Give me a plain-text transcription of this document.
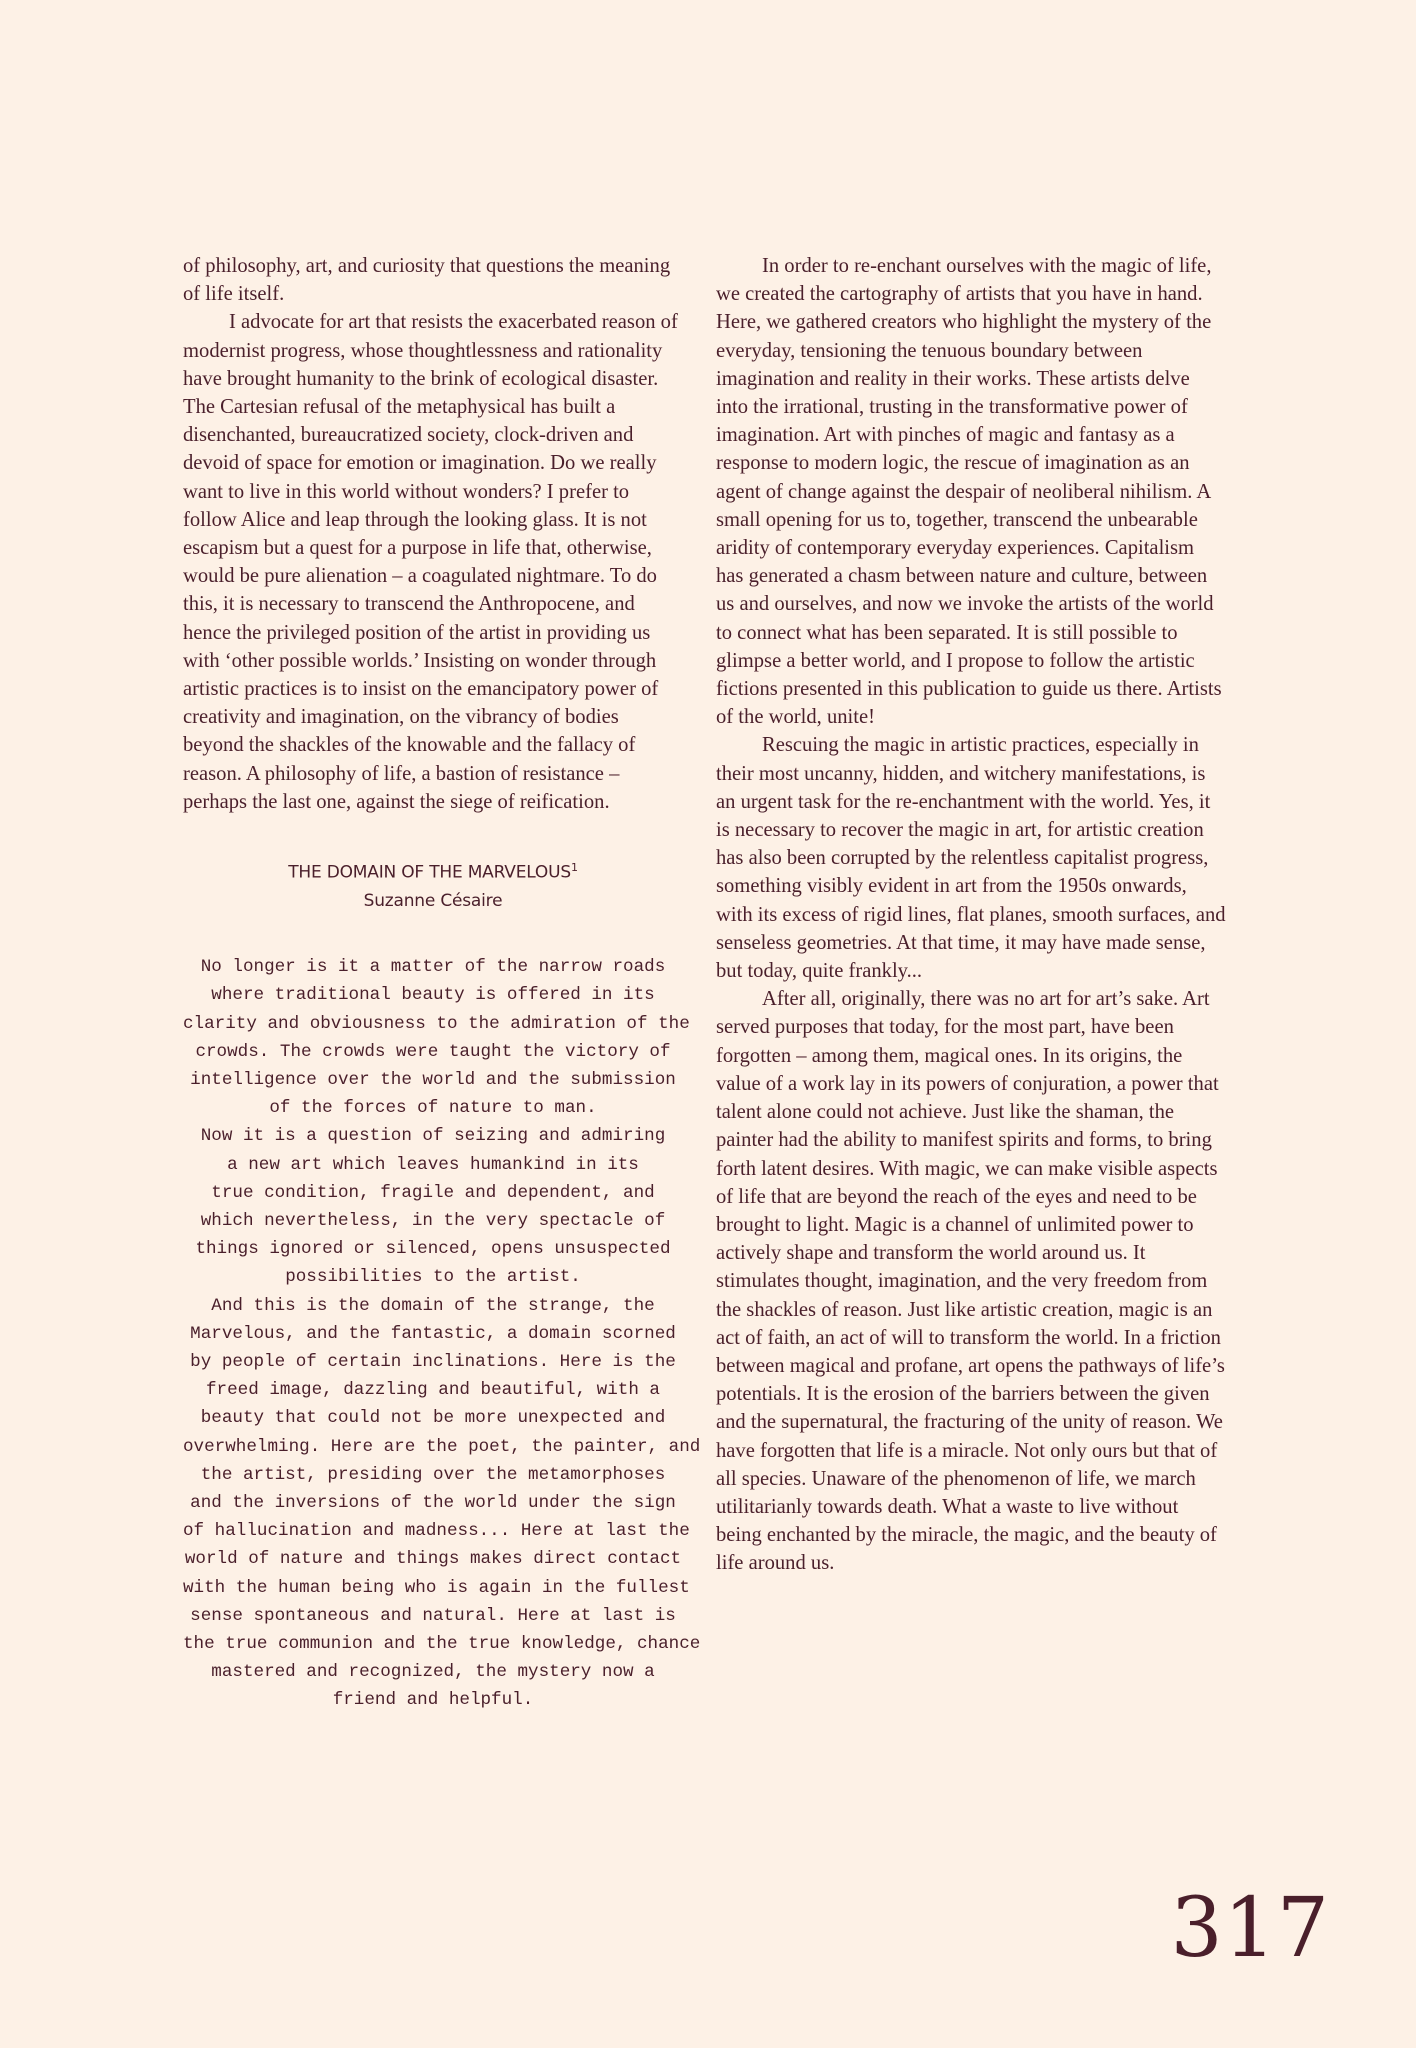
of philosophy, art, and curiosity that questions the meaning of life itself.

I advocate for art that resists the exacerbated reason of modernist progress, whose thoughtlessness and rationality have brought humanity to the brink of ecological disaster. The Cartesian refusal of the metaphysical has built a disenchanted, bureaucratized society, clock-driven and devoid of space for emotion or imagination. Do we really want to live in this world without wonders? I prefer to follow Alice and leap through the looking glass. It is not escapism but a quest for a purpose in life that, otherwise, would be pure alienation – a coagulated nightmare. To do this, it is necessary to transcend the Anthropocene, and hence the privileged position of the artist in providing us with ‘other possible worlds.’ Insisting on wonder through artistic practices is to insist on the emancipatory power of creativity and imagination, on the vibrancy of bodies beyond the shackles of the knowable and the fallacy of reason. A philosophy of life, a bastion of resistance – perhaps the last one, against the siege of reification.

THE DOMAIN OF THE MARVELOUS$^1$
Suzanne Césaire
No longer is it a matter of the narrow roads
where traditional beauty is offered in its
clarity and obviousness to the admiration of the
crowds. The crowds were taught the victory of
intelligence over the world and the submission
of the forces of nature to man.
Now it is a question of seizing and admiring
a new art which leaves humankind in its
true condition, fragile and dependent, and
which nevertheless, in the very spectacle of
things ignored or silenced, opens unsuspected
possibilities to the artist.
And this is the domain of the strange, the
Marvelous, and the fantastic, a domain scorned
by people of certain inclinations. Here is the
freed image, dazzling and beautiful, with a
beauty that could not be more unexpected and
overwhelming. Here are the poet, the painter, and
the artist, presiding over the metamorphoses
and the inversions of the world under the sign
of hallucination and madness... Here at last the
world of nature and things makes direct contact
with the human being who is again in the fullest
sense spontaneous and natural. Here at last is
the true communion and the true knowledge, chance
mastered and recognized, the mystery now a
friend and helpful.

In order to re-enchant ourselves with the magic of life, we created the cartography of artists that you have in hand. Here, we gathered creators who highlight the mystery of the everyday, tensioning the tenuous boundary between imagination and reality in their works. These artists delve into the irrational, trusting in the transformative power of imagination. Art with pinches of magic and fantasy as a response to modern logic, the rescue of imagination as an agent of change against the despair of neoliberal nihilism. A small opening for us to, together, transcend the unbearable aridity of contemporary everyday experiences. Capitalism has generated a chasm between nature and culture, between us and ourselves, and now we invoke the artists of the world to connect what has been separated. It is still possible to glimpse a better world, and I propose to follow the artistic fictions presented in this publication to guide us there. Artists of the world, unite!

Rescuing the magic in artistic practices, especially in their most uncanny, hidden, and witchery manifestations, is an urgent task for the re-enchantment with the world. Yes, it is necessary to recover the magic in art, for artistic creation has also been corrupted by the relentless capitalist progress, something visibly evident in art from the 1950s onwards, with its excess of rigid lines, flat planes, smooth surfaces, and senseless geometries. At that time, it may have made sense, but today, quite frankly...

After all, originally, there was no art for art’s sake. Art served purposes that today, for the most part, have been forgotten – among them, magical ones. In its origins, the value of a work lay in its powers of conjuration, a power that talent alone could not achieve. Just like the shaman, the painter had the ability to manifest spirits and forms, to bring forth latent desires. With magic, we can make visible aspects of life that are beyond the reach of the eyes and need to be brought to light. Magic is a channel of unlimited power to actively shape and transform the world around us. It stimulates thought, imagination, and the very freedom from the shackles of reason. Just like artistic creation, magic is an act of faith, an act of will to transform the world. In a friction between magical and profane, art opens the pathways of life’s potentials. It is the erosion of the barriers between the given and the supernatural, the fracturing of the unity of reason. We have forgotten that life is a miracle. Not only ours but that of all species. Unaware of the phenomenon of life, we march utilitarianly towards death. What a waste to live without being enchanted by the miracle, the magic, and the beauty of life around us.

317
